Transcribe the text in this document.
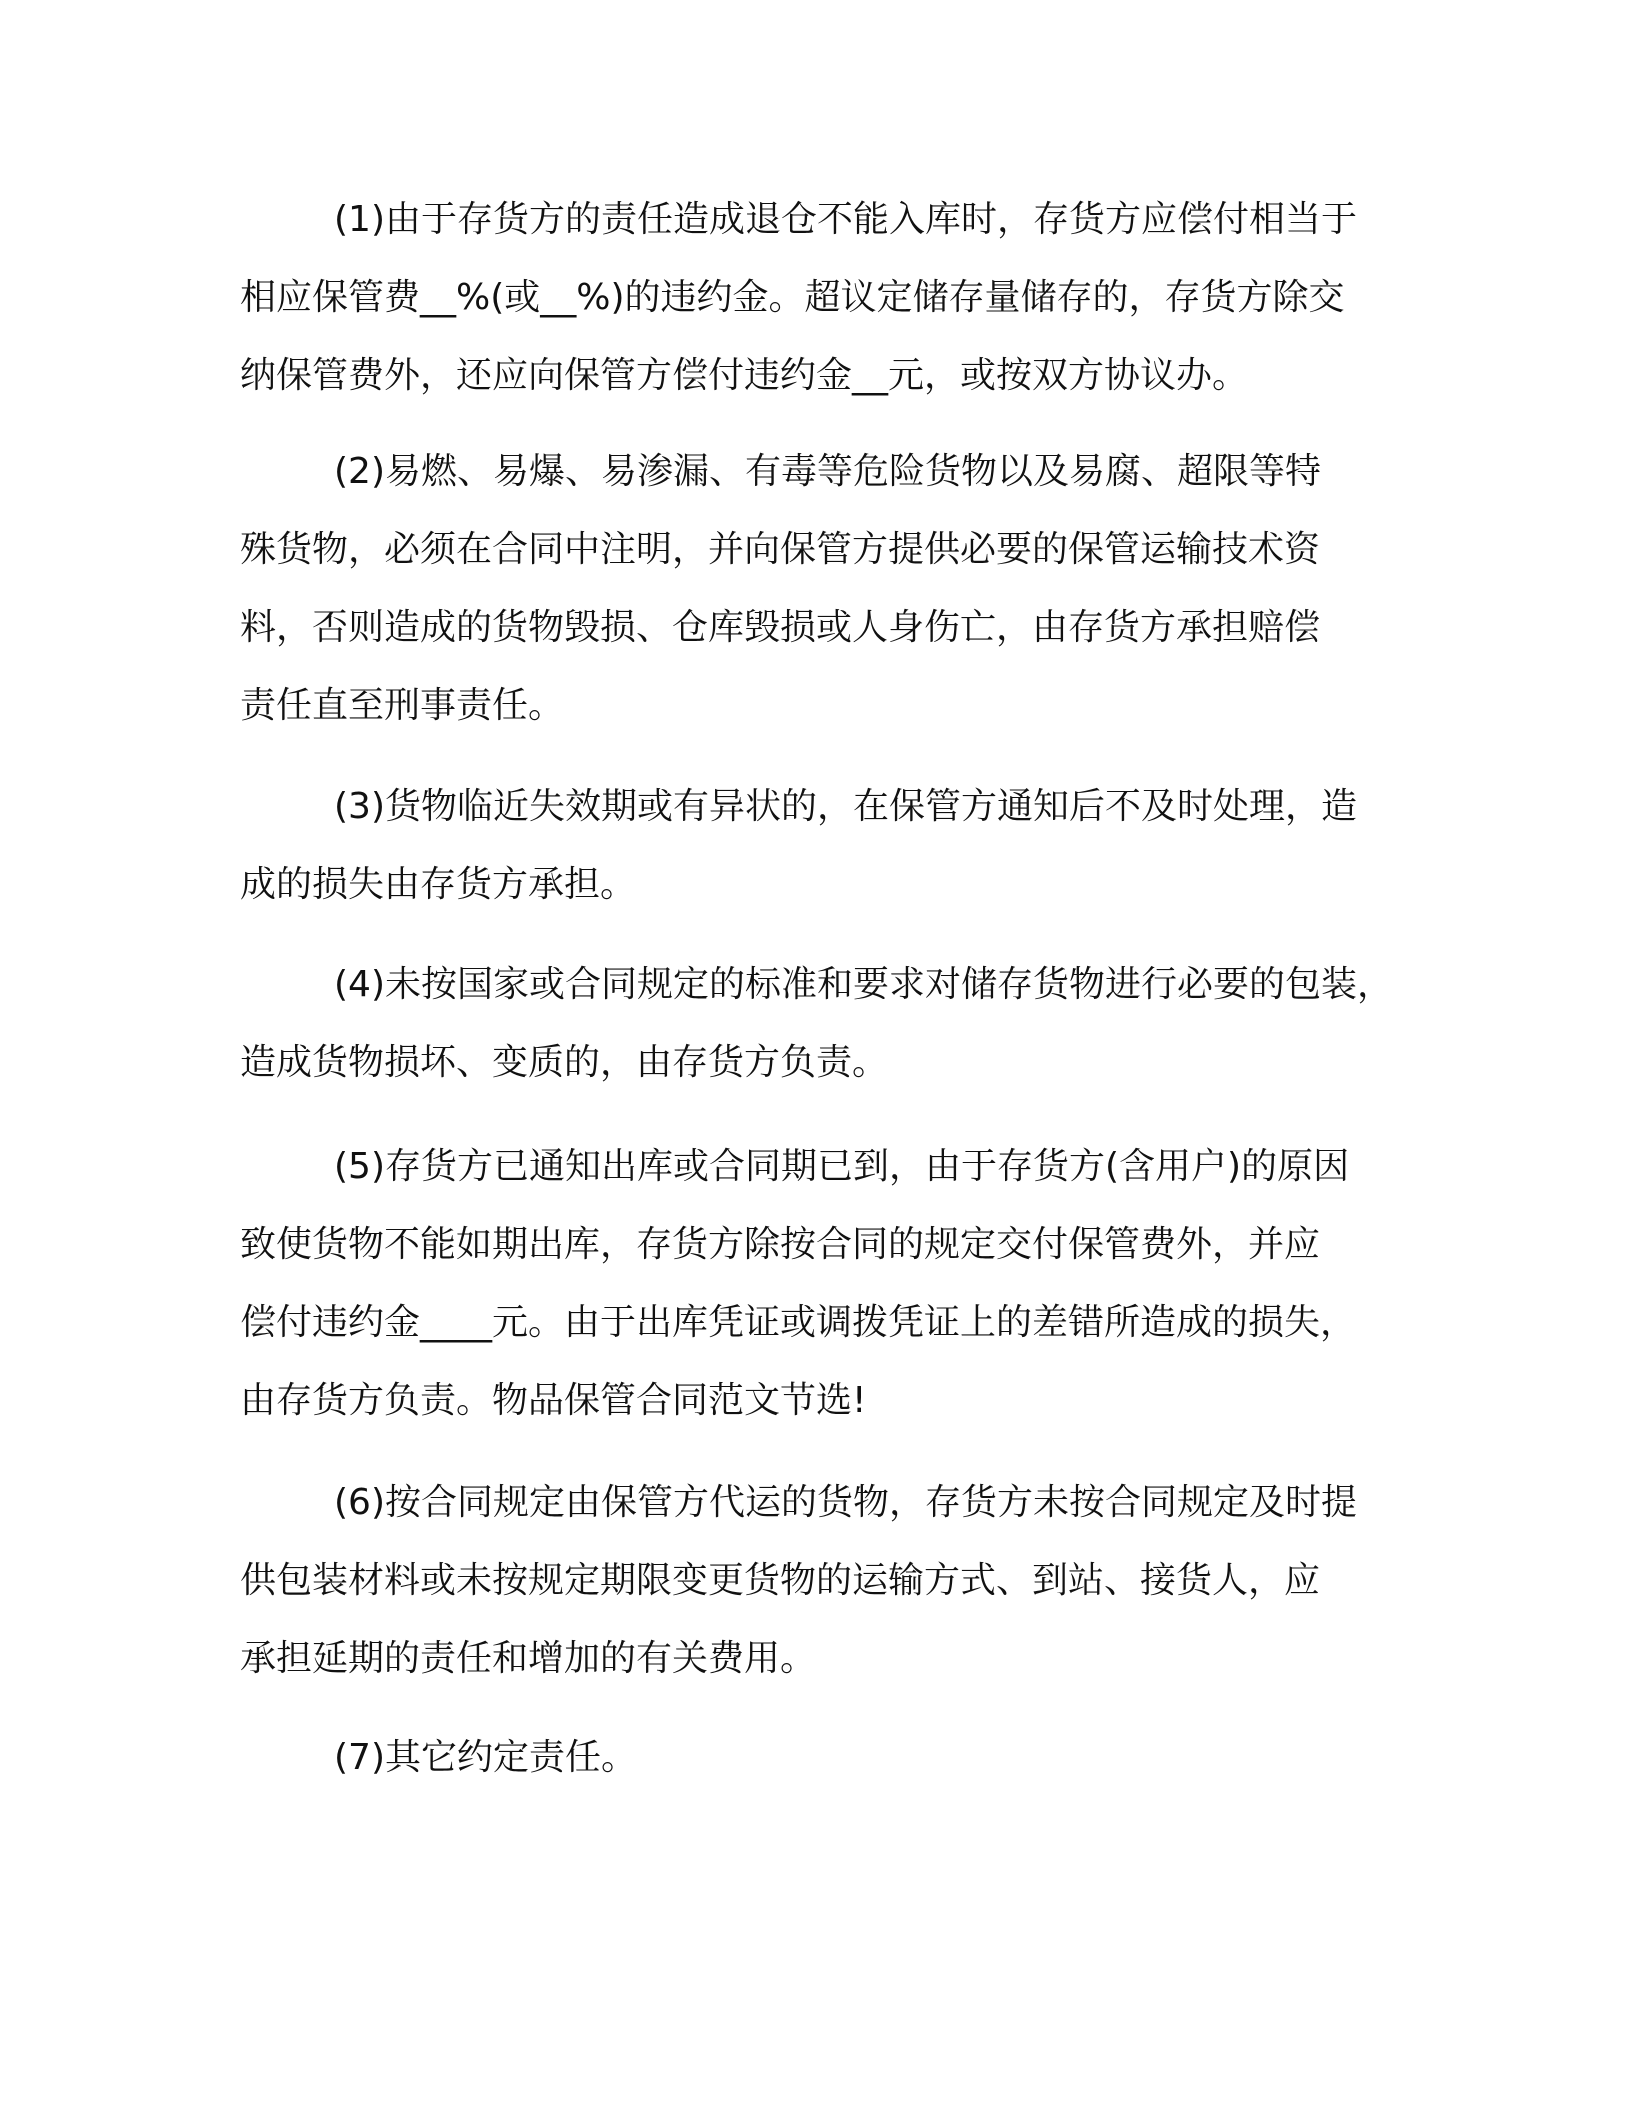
(1)由于存货方的责任造成退仓不能入库时，存货方应偿付相当于
相应保管费__%(或__%)的违约金。超议定储存量储存的，存货方除交
纳保管费外，还应向保管方偿付违约金__元，或按双方协议办。
(2)易燃、易爆、易渗漏、有毒等危险货物以及易腐、超限等特
殊货物，必须在合同中注明，并向保管方提供必要的保管运输技术资
料，否则造成的货物毁损、仓库毁损或人身伤亡，由存货方承担赔偿
责任直至刑事责任。
(3)货物临近失效期或有异状的，在保管方通知后不及时处理，造
成的损失由存货方承担。
(4)未按国家或合同规定的标准和要求对储存货物进行必要的包装，
造成货物损坏、变质的，由存货方负责。
(5)存货方已通知出库或合同期已到，由于存货方(含用户)的原因
致使货物不能如期出库，存货方除按合同的规定交付保管费外，并应
偿付违约金____元。由于出库凭证或调拨凭证上的差错所造成的损失，
由存货方负责。物品保管合同范文节选!
(6)按合同规定由保管方代运的货物，存货方未按合同规定及时提
供包装材料或未按规定期限变更货物的运输方式、到站、接货人，应
承担延期的责任和增加的有关费用。
(7)其它约定责任。
